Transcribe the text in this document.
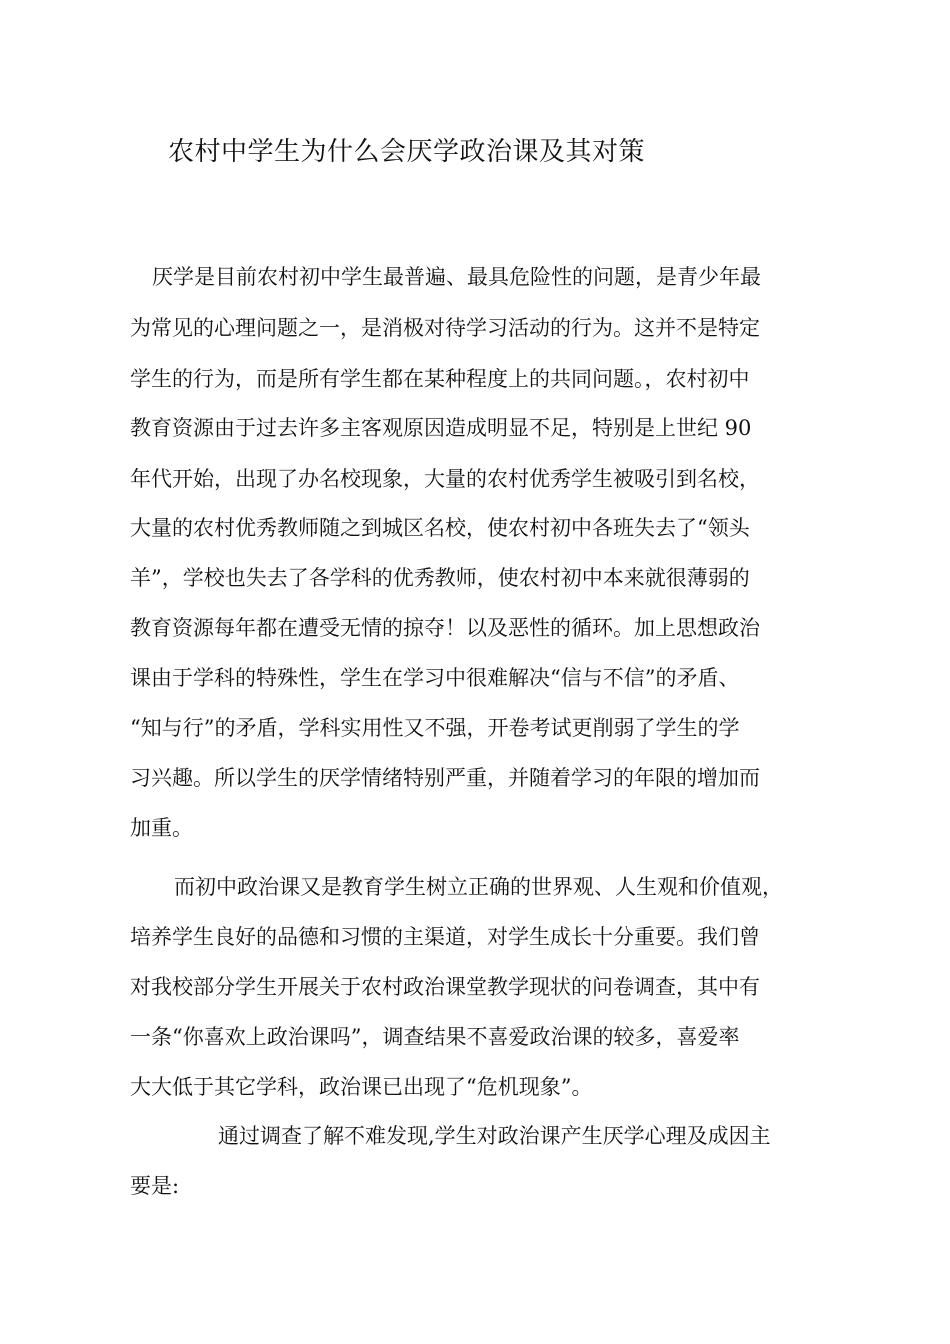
农村中学生为什么会厌学政治课及其对策
厌学是目前农村初中学生最普遍、最具危险性的问题，是青少年最
为常见的心理问题之一，是消极对待学习活动的行为。这并不是特定
学生的行为，而是所有学生都在某种程度上的共同问题。，农村初中
教育资源由于过去许多主客观原因造成明显不足，特别是上世纪 90
年代开始，出现了办名校现象，大量的农村优秀学生被吸引到名校，
大量的农村优秀教师随之到城区名校，使农村初中各班失去了“领头
羊”，学校也失去了各学科的优秀教师，使农村初中本来就很薄弱的
教育资源每年都在遭受无情的掠夺！以及恶性的循环。加上思想政治
课由于学科的特殊性，学生在学习中很难解决“信与不信”的矛盾、
“知与行”的矛盾，学科实用性又不强，开卷考试更削弱了学生的学
习兴趣。所以学生的厌学情绪特别严重，并随着学习的年限的增加而
加重。
而初中政治课又是教育学生树立正确的世界观、人生观和价值观，
培养学生良好的品德和习惯的主渠道，对学生成长十分重要。我们曾
对我校部分学生开展关于农村政治课堂教学现状的问卷调查，其中有
一条“你喜欢上政治课吗”，调查结果不喜爱政治课的较多，喜爱率
大大低于其它学科，政治课已出现了“危机现象”。
通过调查了解不难发现,学生对政治课产生厌学心理及成因主
要是:
